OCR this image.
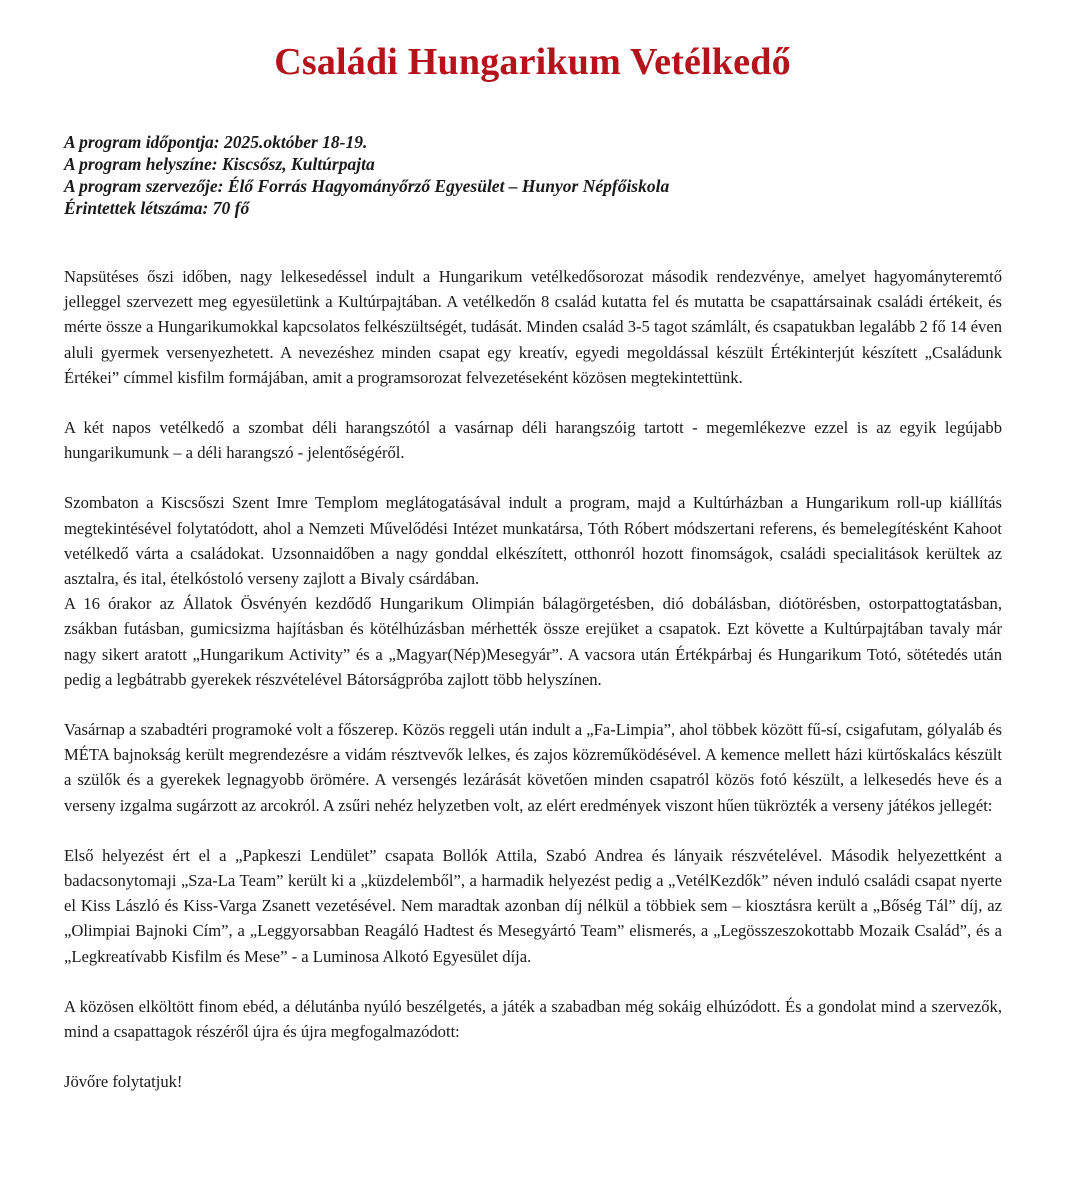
Családi Hungarikum Vetélkedő
A program időpontja: 2025.október 18-19.
A program helyszíne: Kiscsősz, Kultúrpajta
A program szervezője: Élő Forrás Hagyományőrző Egyesület – Hunyor Népfőiskola
Érintettek létszáma: 70 fő

Napsütéses őszi időben, nagy lelkesedéssel indult a Hungarikum vetélkedősorozat második rendezvénye, amelyet hagyományteremtő jelleggel szervezett meg egyesületünk a Kultúrpajtában. A vetélkedőn 8 család kutatta fel és mutatta be csapattársainak családi értékeit, és mérte össze a Hungarikumokkal kapcsolatos felkészültségét, tudását. Minden család 3-5 tagot számlált, és csapatukban legalább 2 fő 14 éven aluli gyermek versenyezhetett. A nevezéshez minden csapat egy kreatív, egyedi megoldással készült Értékinterjút készített „Családunk Értékei” címmel kisfilm formájában, amit a programsorozat felvezetéseként közösen megtekintettünk.

A két napos vetélkedő a szombat déli harangszótól a vasárnap déli harangszóig tartott - megemlékezve ezzel is az egyik legújabb hungarikumunk – a déli harangszó - jelentőségéről.

Szombaton a Kiscsőszi Szent Imre Templom meglátogatásával indult a program, majd a Kultúrházban a Hungarikum roll-up kiállítás megtekintésével folytatódott, ahol a Nemzeti Művelődési Intézet munkatársa, Tóth Róbert módszertani referens, és bemelegítésként Kahoot vetélkedő várta a családokat. Uzsonnaidőben a nagy gonddal elkészített, otthonról hozott finomságok, családi specialitások kerültek az asztalra, és ital, ételkóstoló verseny zajlott a Bivaly csárdában.

A 16 órakor az Állatok Ösvényén kezdődő Hungarikum Olimpián bálagörgetésben, dió dobálásban, diótörésben, ostorpattogtatásban, zsákban futásban, gumicsizma hajításban és kötélhúzásban mérhették össze erejüket a csapatok. Ezt követte a Kultúrpajtában tavaly már nagy sikert aratott „Hungarikum Activity” és a „Magyar(Nép)Mesegyár”. A vacsora után Értékpárbaj és Hungarikum Totó, sötétedés után pedig a legbátrabb gyerekek részvételével Bátorságpróba zajlott több helyszínen.

Vasárnap a szabadtéri programoké volt a főszerep. Közös reggeli után indult a „Fa-Limpia”, ahol többek között fű-sí, csigafutam, gólyaláb és MÉTA bajnokság került megrendezésre a vidám résztvevők lelkes, és zajos közreműködésével. A kemence mellett házi kürtőskalács készült a szülők és a gyerekek legnagyobb örömére. A versengés lezárását követően minden csapatról közös fotó készült, a lelkesedés heve és a verseny izgalma sugárzott az arcokról. A zsűri nehéz helyzetben volt, az elért eredmények viszont hűen tükrözték a verseny játékos jellegét:

Első helyezést ért el a „Papkeszi Lendület” csapata Bollók Attila, Szabó Andrea és lányaik részvételével. Második helyezettként a badacsonytomaji „Sza-La Team” került ki a „küzdelemből”, a harmadik helyezést pedig a „VetélKezdők” néven induló családi csapat nyerte el Kiss László és Kiss-Varga Zsanett vezetésével. Nem maradtak azonban díj nélkül a többiek sem – kiosztásra került a „Bőség Tál” díj, az „Olimpiai Bajnoki Cím”, a „Leggyorsabban Reagáló Hadtest és Mesegyártó Team” elismerés, a „Legösszeszokottabb Mozaik Család”, és a „Legkreatívabb Kisfilm és Mese” - a Luminosa Alkotó Egyesület díja.

A közösen elköltött finom ebéd, a délutánba nyúló beszélgetés, a játék a szabadban még sokáig elhúzódott. És a gondolat mind a szervezők, mind a csapattagok részéről újra és újra megfogalmazódott:

Jövőre folytatjuk!
